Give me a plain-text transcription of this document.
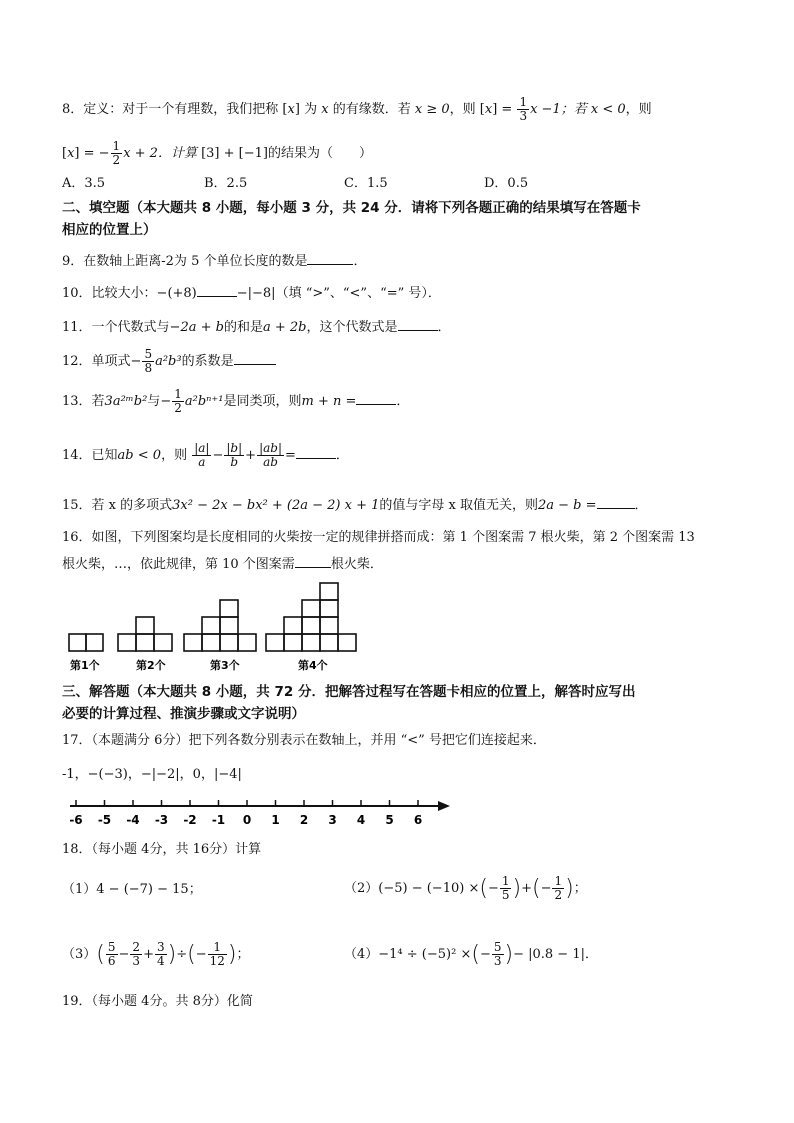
8．定义：对于一个有理数，我们把称 [x] 为 x 的有缘数．若 x ≥ 0，则 $[x] = \frac{1}{3}$ x −1；若 x < 0，则
[x] = − $\frac{1}{2}$ x + 2．计算 [3] + [−1]的结果为（　　）
A．3.5	B．2.5	C．1.5	D．0.5
二、填空题（本大题共 8 小题，每小题 3 分，共 24 分．请将下列各题正确的结果填写在答题卡
相应的位置上）
9．在数轴上距离-2为 5 个单位长度的数是	．
10．比较大小：−(+8)	−|−8|（填 “>”、“<”、“=” 号）．
11．一个代数式与−2a + b的和是a + 2b，这个代数式是	．
12．单项式− $\frac{5}{8} a^2b^3$的系数是
13．若3a²ᵐb²与− $\frac{1}{2} a^2b^{n+1}$是同类项，则m + n =	．
14．已知ab < 0，则 $\frac{|a|}{a} - \frac{|b|}{b} + \frac{|ab|}{ab}$ =	．
15．若 x 的多项式3x² − 2x − bx² + (2a − 2) x + 1的值与字母 x 取值无关，则2a − b =	．
16．如图，下列图案均是长度相同的火柴按一定的规律拼搭而成：第 1 个图案需 7 根火柴，第 2 个图案需 13
根火柴，…，依此规律，第 10 个图案需	根火柴．
第1个	第2个	第3个	第4个
三、解答题（本大题共 8 小题，共 72 分．把解答过程写在答题卡相应的位置上，解答时应写出
必要的计算过程、推演步骤或文字说明）
17．（本题满分 6分）把下列各数分别表示在数轴上，并用 “<” 号把它们连接起来．
-1，−(−3)，−|−2|，0，|−4|
-6 -5 -4 -3 -2 -1 0 1 2 3 4 5 6
18．（每小题 4分，共 16分）计算
（1）4 − (−7) − 15；	（2）(−5) − (−10) ×(− $\frac{1}{5}$ )+(− $\frac{1}{2}$ )；
$(3)( \frac{5}{6} - \frac{2}{3} + \frac{3}{4}$ )÷(− $\frac{1}{12}$ )；	（4）−1⁴ ÷ (−5)² ×(− $\frac{5}{3}$ )− |0.8 − 1|．
19．（每小题 4分。共 8分）化简
